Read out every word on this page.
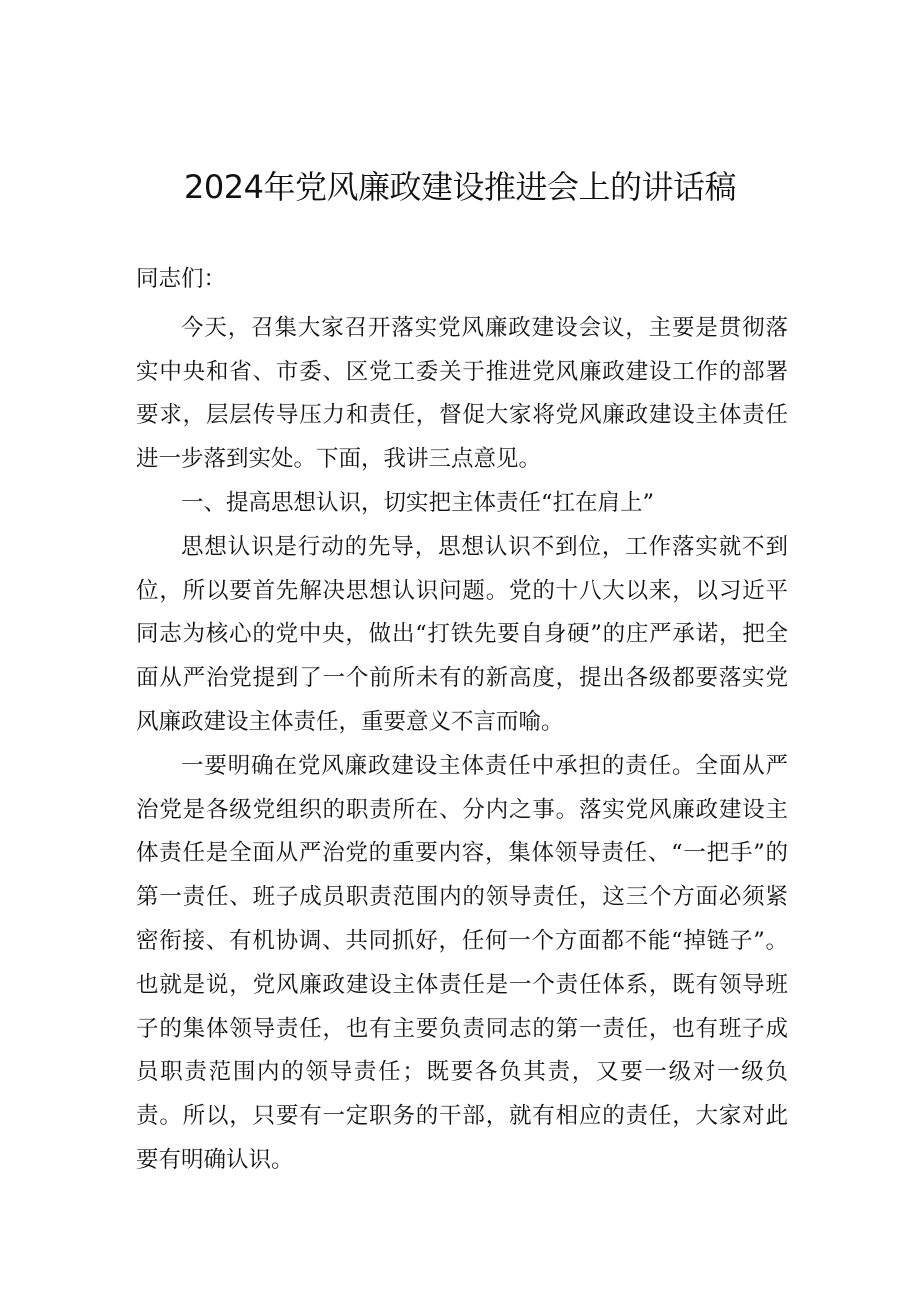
2024年党风廉政建设推进会上的讲话稿

同志们：

今天，召集大家召开落实党风廉政建设会议，主要是贯彻落实中央和省、市委、区党工委关于推进党风廉政建设工作的部署要求，层层传导压力和责任，督促大家将党风廉政建设主体责任进一步落到实处。下面，我讲三点意见。

一、提高思想认识，切实把主体责任“扛在肩上”

思想认识是行动的先导，思想认识不到位，工作落实就不到位，所以要首先解决思想认识问题。党的十八大以来，以习近平同志为核心的党中央，做出“打铁先要自身硬”的庄严承诺，把全面从严治党提到了一个前所未有的新高度，提出各级都要落实党风廉政建设主体责任，重要意义不言而喻。

一要明确在党风廉政建设主体责任中承担的责任。全面从严治党是各级党组织的职责所在、分内之事。落实党风廉政建设主体责任是全面从严治党的重要内容，集体领导责任、“一把手”的第一责任、班子成员职责范围内的领导责任，这三个方面必须紧密衔接、有机协调、共同抓好，任何一个方面都不能“掉链子”。也就是说，党风廉政建设主体责任是一个责任体系，既有领导班子的集体领导责任，也有主要负责同志的第一责任，也有班子成员职责范围内的领导责任；既要各负其责，又要一级对一级负责。所以，只要有一定职务的干部，就有相应的责任，大家对此要有明确认识。
